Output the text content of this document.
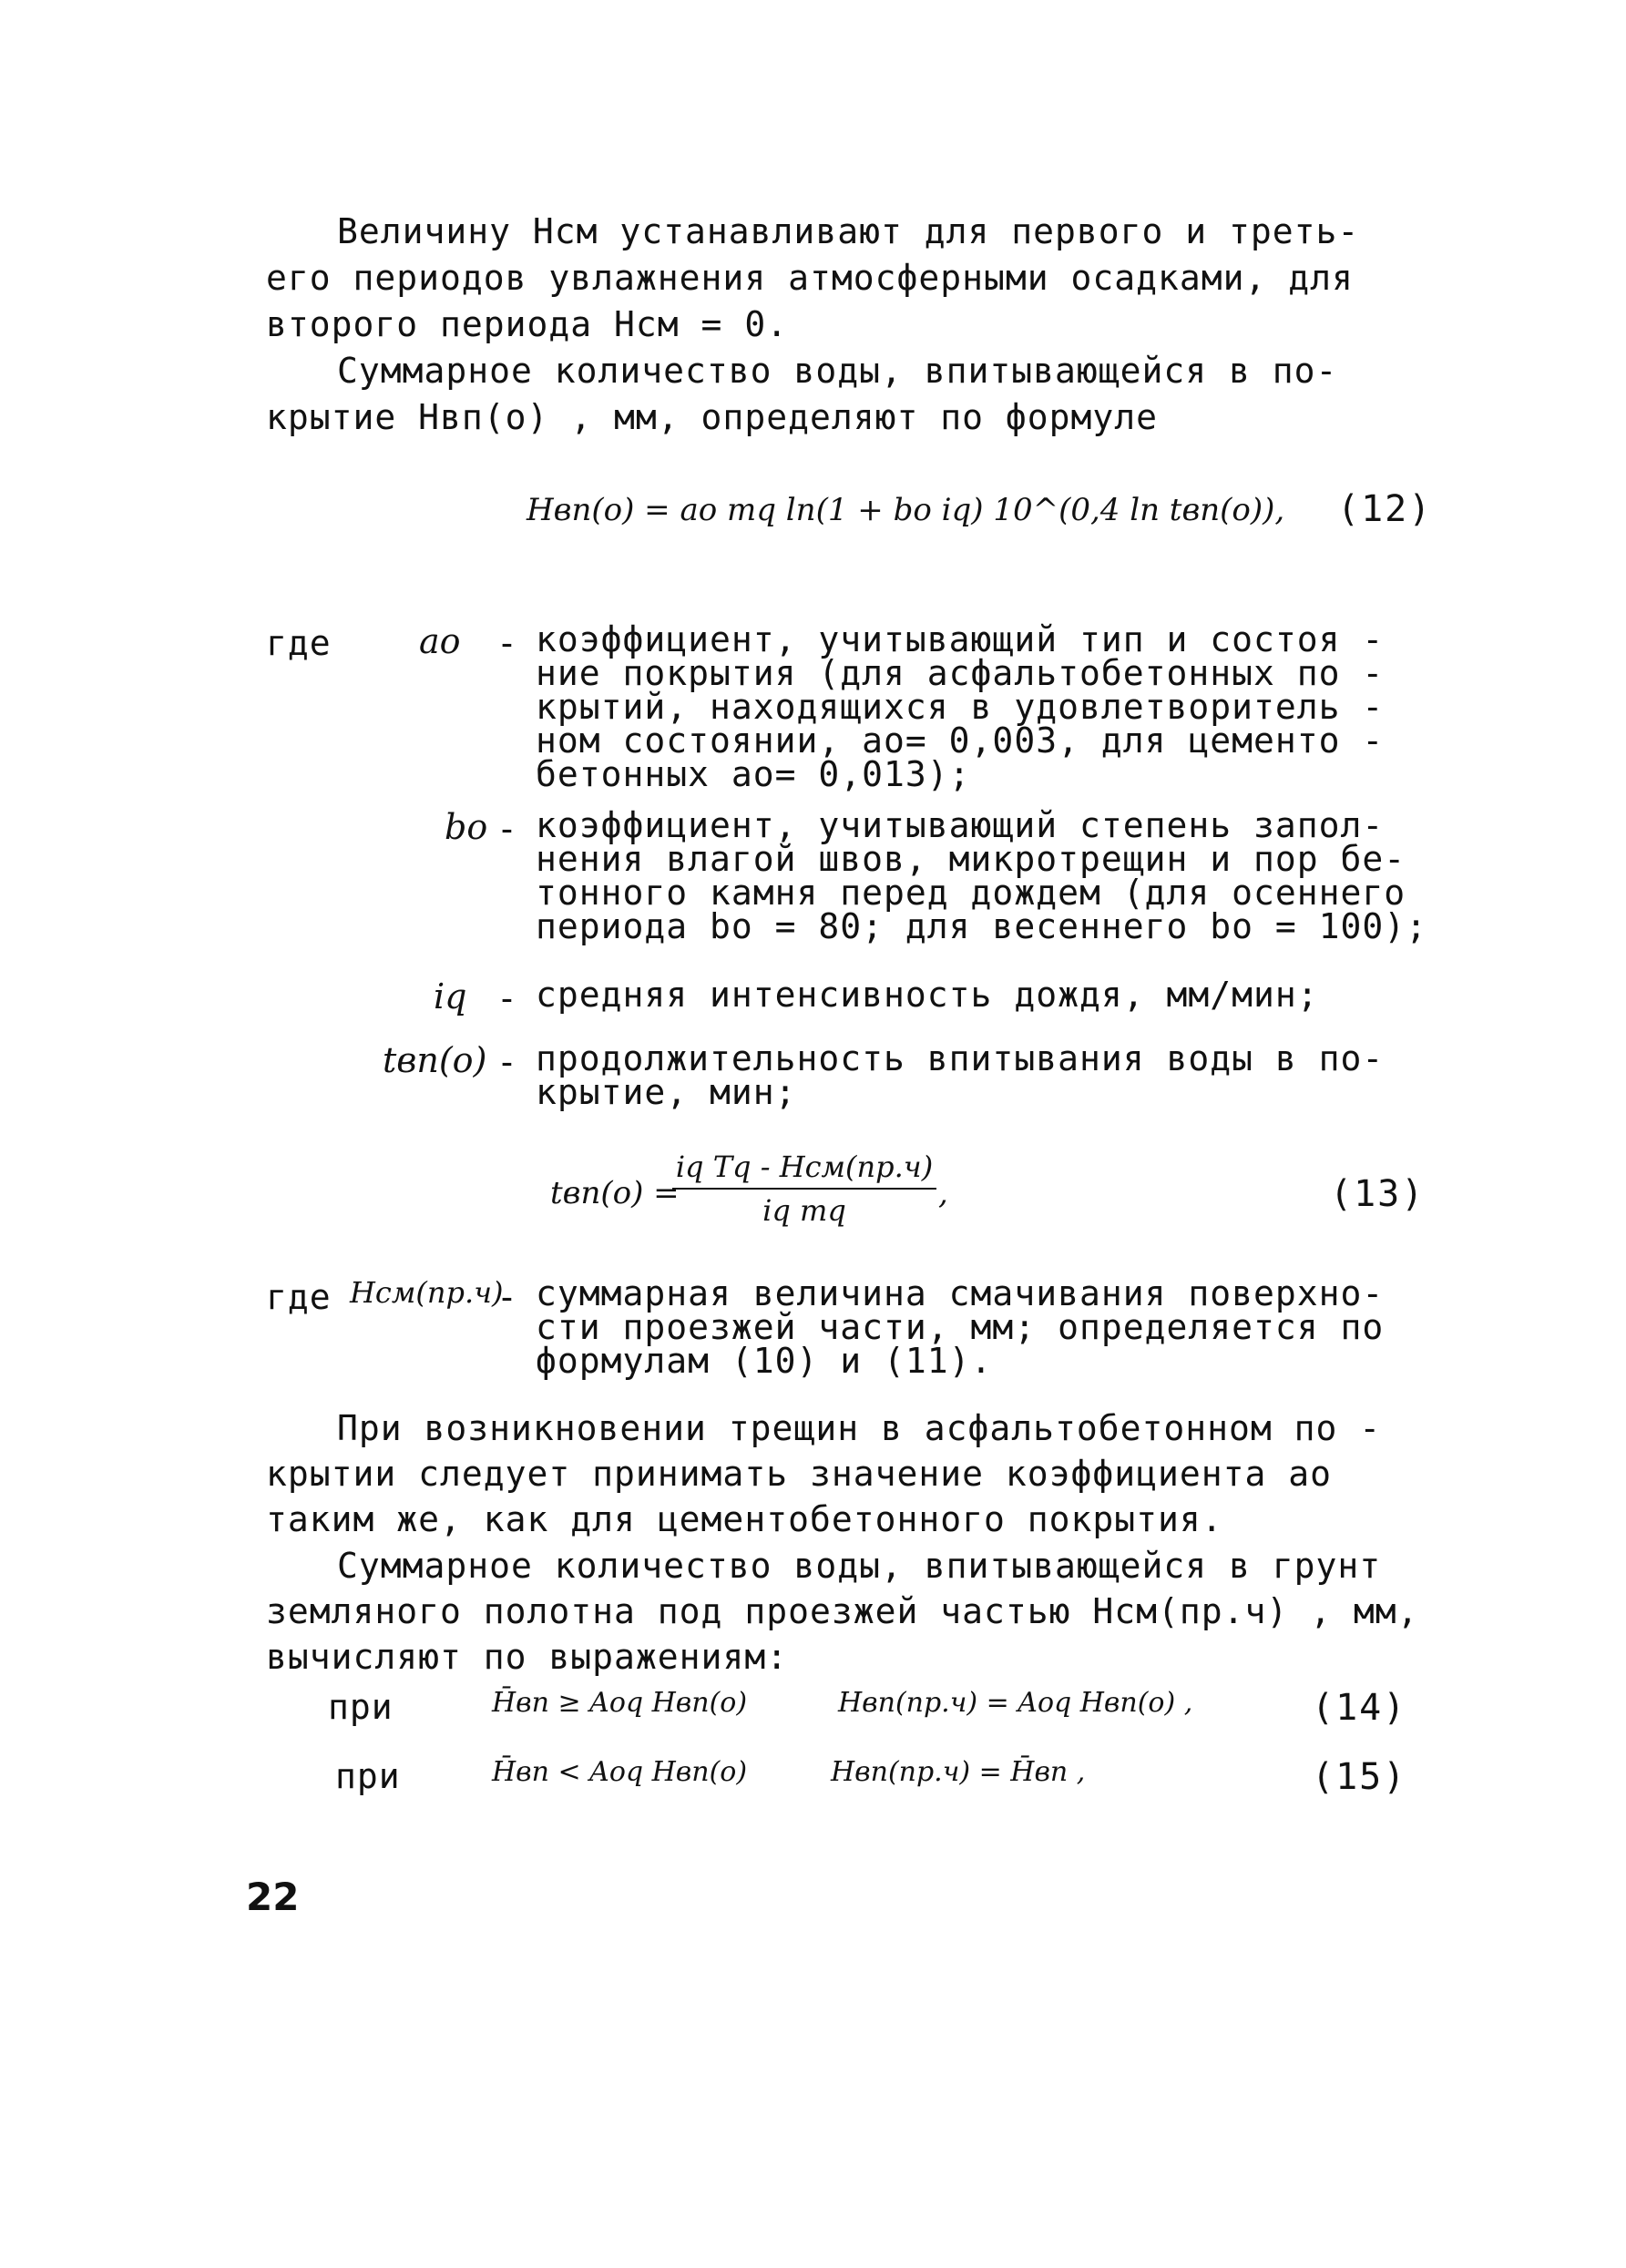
Величину Hсм устанавливают для первого и треть-
его периодов увлажнения атмосферными осадками, для
второго периода Hсм = 0.
Суммарное количество воды, впитывающейся в по-
крытие Hвп(о) , мм, определяют по формуле
Hвп(о) = aо mq ln(1 + bо iq) 10^(0,4 ln tвп(о)), (12)
где	aо - коэффициент, учитывающий тип и состоя - ние покрытия (для асфальтобетонных по - крытий, находящихся в удовлетворитель - ном состоянии, aо= 0,003, для цементо - бетонных aо= 0,013);
bо - коэффициент, учитывающий степень запол- нения влагой швов, микротрещин и пор бе- тонного камня перед дождем (для осеннего периода bо = 80; для весеннего bо = 100);
iq - средняя интенсивность дождя, мм/мин;
tвп(о) - продолжительность впитывания воды в по- крытие, мин;
tвп(о) =
iq Tq - Hсм(пр.ч)
iq mq	,	(13)
где Hсм(пр.ч)
- суммарная величина смачивания поверхно- сти проезжей части, мм; определяется по формулам (10) и (11).
При возникновении трещин в асфальтобетонном по -
крытии следует принимать значение коэффициента aо
таким же, как для цементобетонного покрытия.
Суммарное количество воды, впитывающейся в грунт
земляного полотна под проезжей частью Hсм(пр.ч) , мм,
вычисляют по выражениям:
при	H̄вп ≥ Aоq Hвп(о)	Hвп(пр.ч) = Aоq Hвп(о) ,	(14)
при	H̄вп < Aоq Hвп(о)	Hвп(пр.ч) = H̄вп ,	(15)
22
